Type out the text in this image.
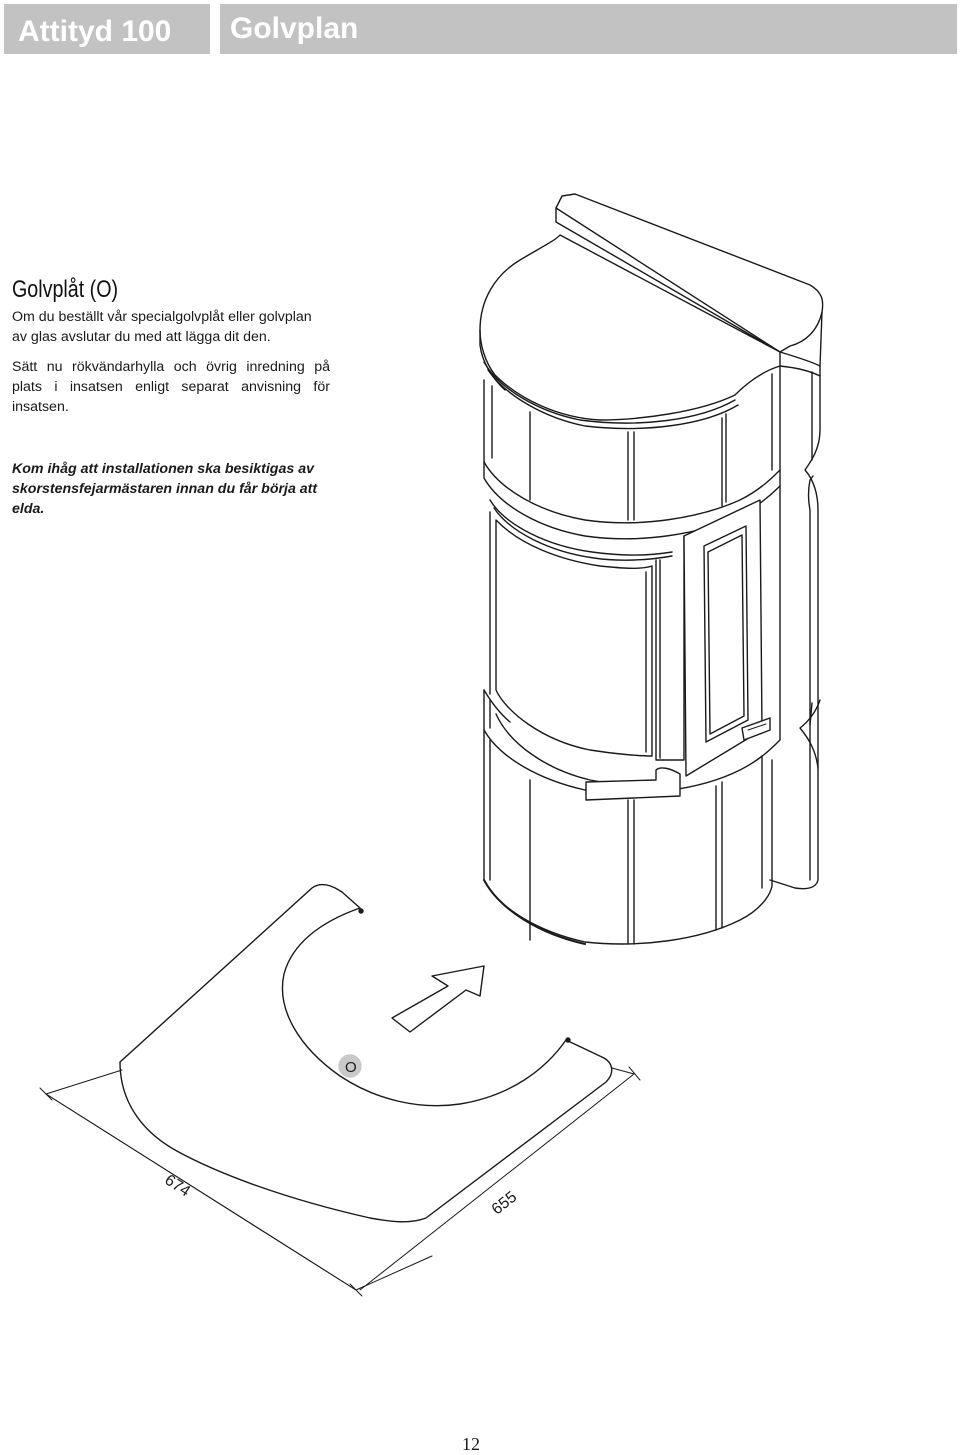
Attityd 100	Golvplan
Golvplåt (O)
Om du beställt vår specialgolvplåt eller golvplan av glas avslutar du med att lägga dit den.
Sätt nu rökvändarhylla och övrig inredning på plats i insatsen enligt separat anvisning för insatsen.
Kom ihåg att installationen ska besiktigas av skorstensfejarmästaren innan du får börja att elda.
O
674
655
12
